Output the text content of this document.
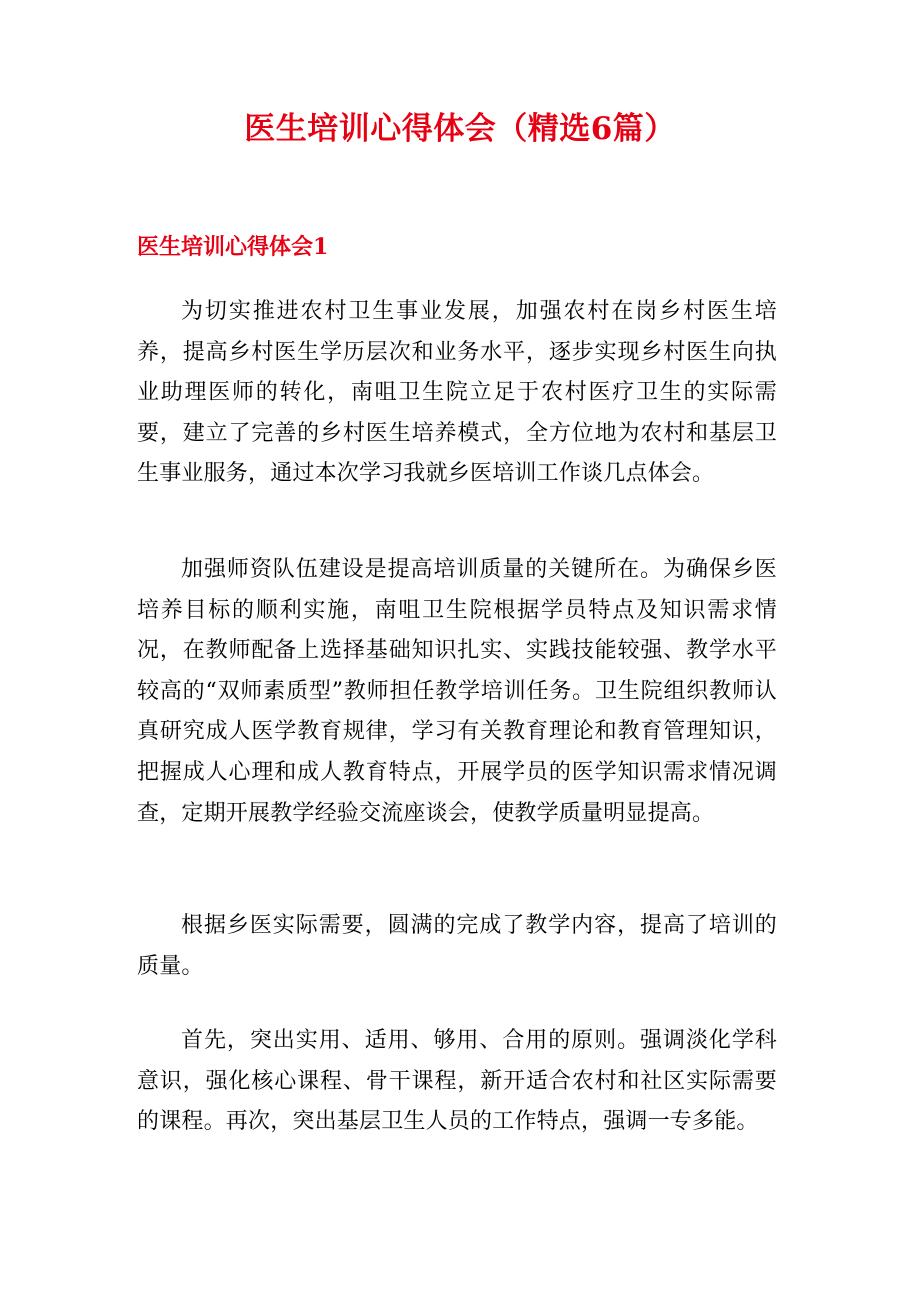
医生培训心得体会（精选6篇）
医生培训心得体会1

为切实推进农村卫生事业发展，加强农村在岗乡村医生培养，提高乡村医生学历层次和业务水平，逐步实现乡村医生向执业助理医师的转化，南咀卫生院立足于农村医疗卫生的实际需要，建立了完善的乡村医生培养模式，全方位地为农村和基层卫生事业服务，通过本次学习我就乡医培训工作谈几点体会。

加强师资队伍建设是提高培训质量的关键所在。为确保乡医培养目标的顺利实施，南咀卫生院根据学员特点及知识需求情况，在教师配备上选择基础知识扎实、实践技能较强、教学水平较高的“双师素质型”教师担任教学培训任务。卫生院组织教师认真研究成人医学教育规律，学习有关教育理论和教育管理知识，把握成人心理和成人教育特点，开展学员的医学知识需求情况调查，定期开展教学经验交流座谈会，使教学质量明显提高。

根据乡医实际需要，圆满的完成了教学内容，提高了培训的质量。

首先，突出实用、适用、够用、合用的原则。强调淡化学科意识，强化核心课程、骨干课程，新开适合农村和社区实际需要的课程。再次，突出基层卫生人员的工作特点，强调一专多能。
